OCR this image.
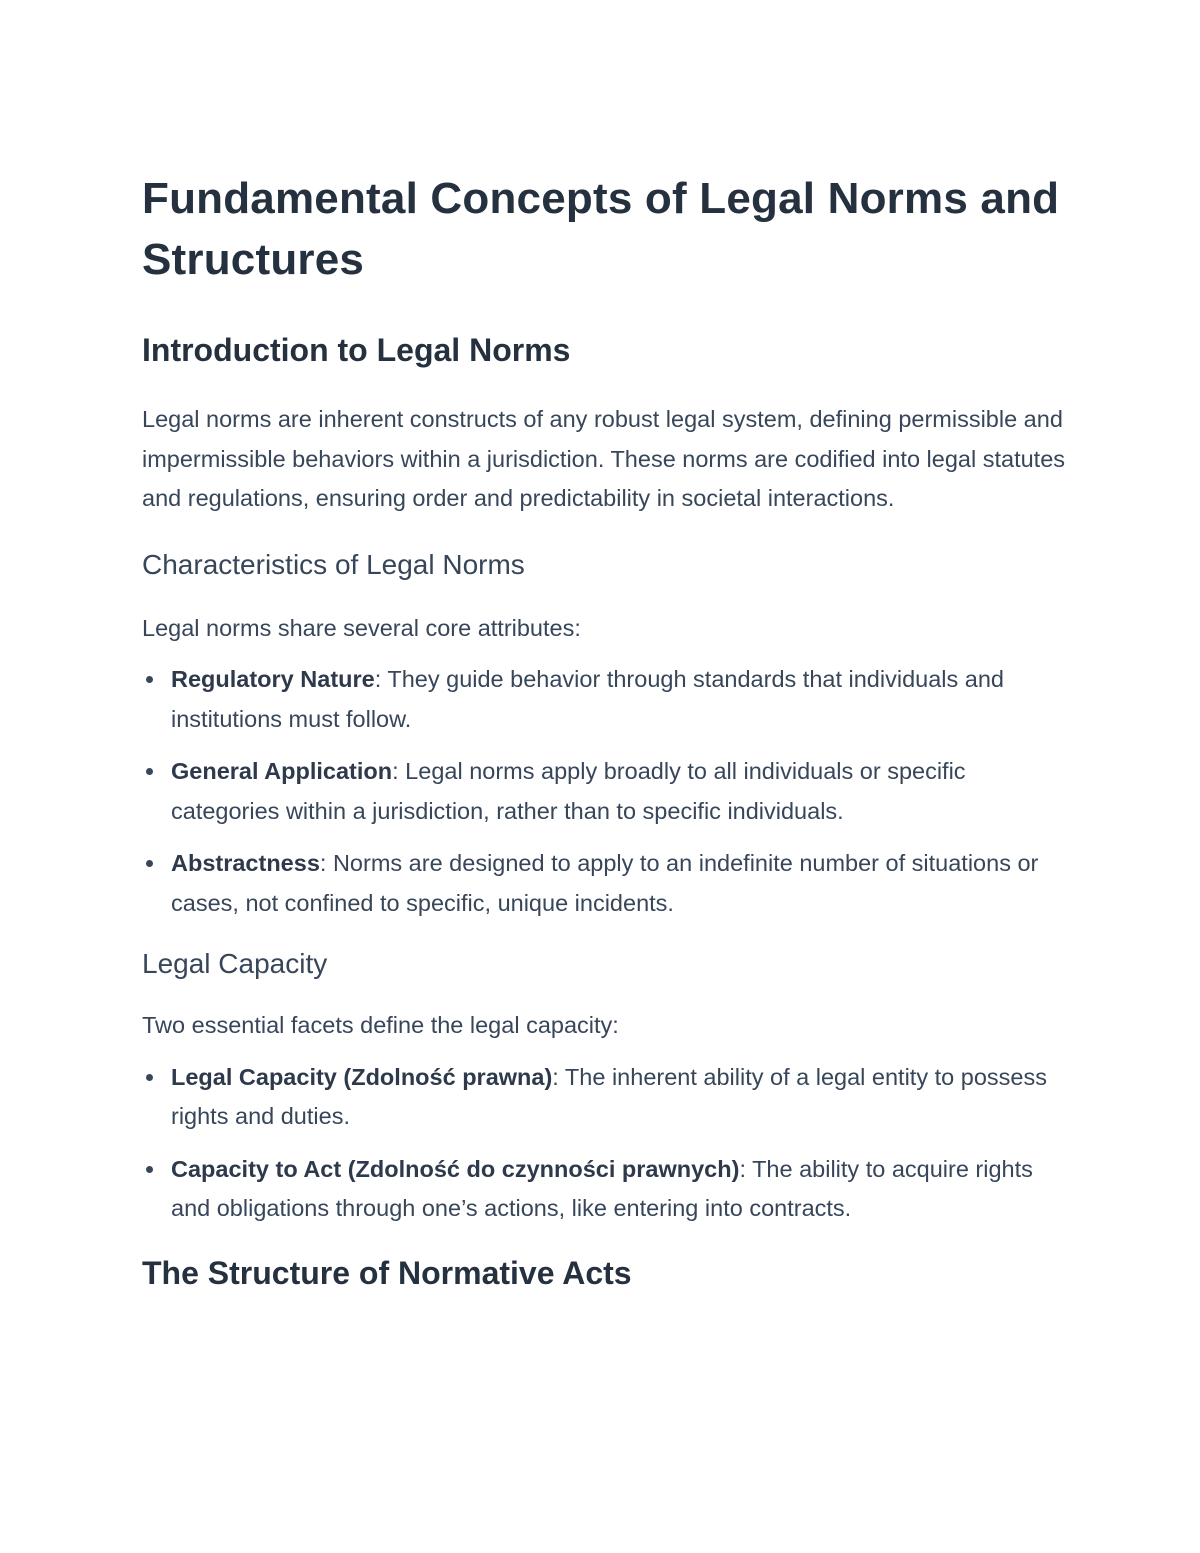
Fundamental Concepts of Legal Norms and Structures
Introduction to Legal Norms

Legal norms are inherent constructs of any robust legal system, defining permissible and impermissible behaviors within a jurisdiction. These norms are codified into legal statutes and regulations, ensuring order and predictability in societal interactions.

Characteristics of Legal Norms

Legal norms share several core attributes:

Regulatory Nature: They guide behavior through standards that individuals and institutions must follow.
General Application: Legal norms apply broadly to all individuals or specific categories within a jurisdiction, rather than to specific individuals.
Abstractness: Norms are designed to apply to an indefinite number of situations or cases, not confined to specific, unique incidents.
Legal Capacity

Two essential facets define the legal capacity:

Legal Capacity (Zdolność prawna): The inherent ability of a legal entity to possess rights and duties.
Capacity to Act (Zdolność do czynności prawnych): The ability to acquire rights and obligations through one’s actions, like entering into contracts.
The Structure of Normative Acts
